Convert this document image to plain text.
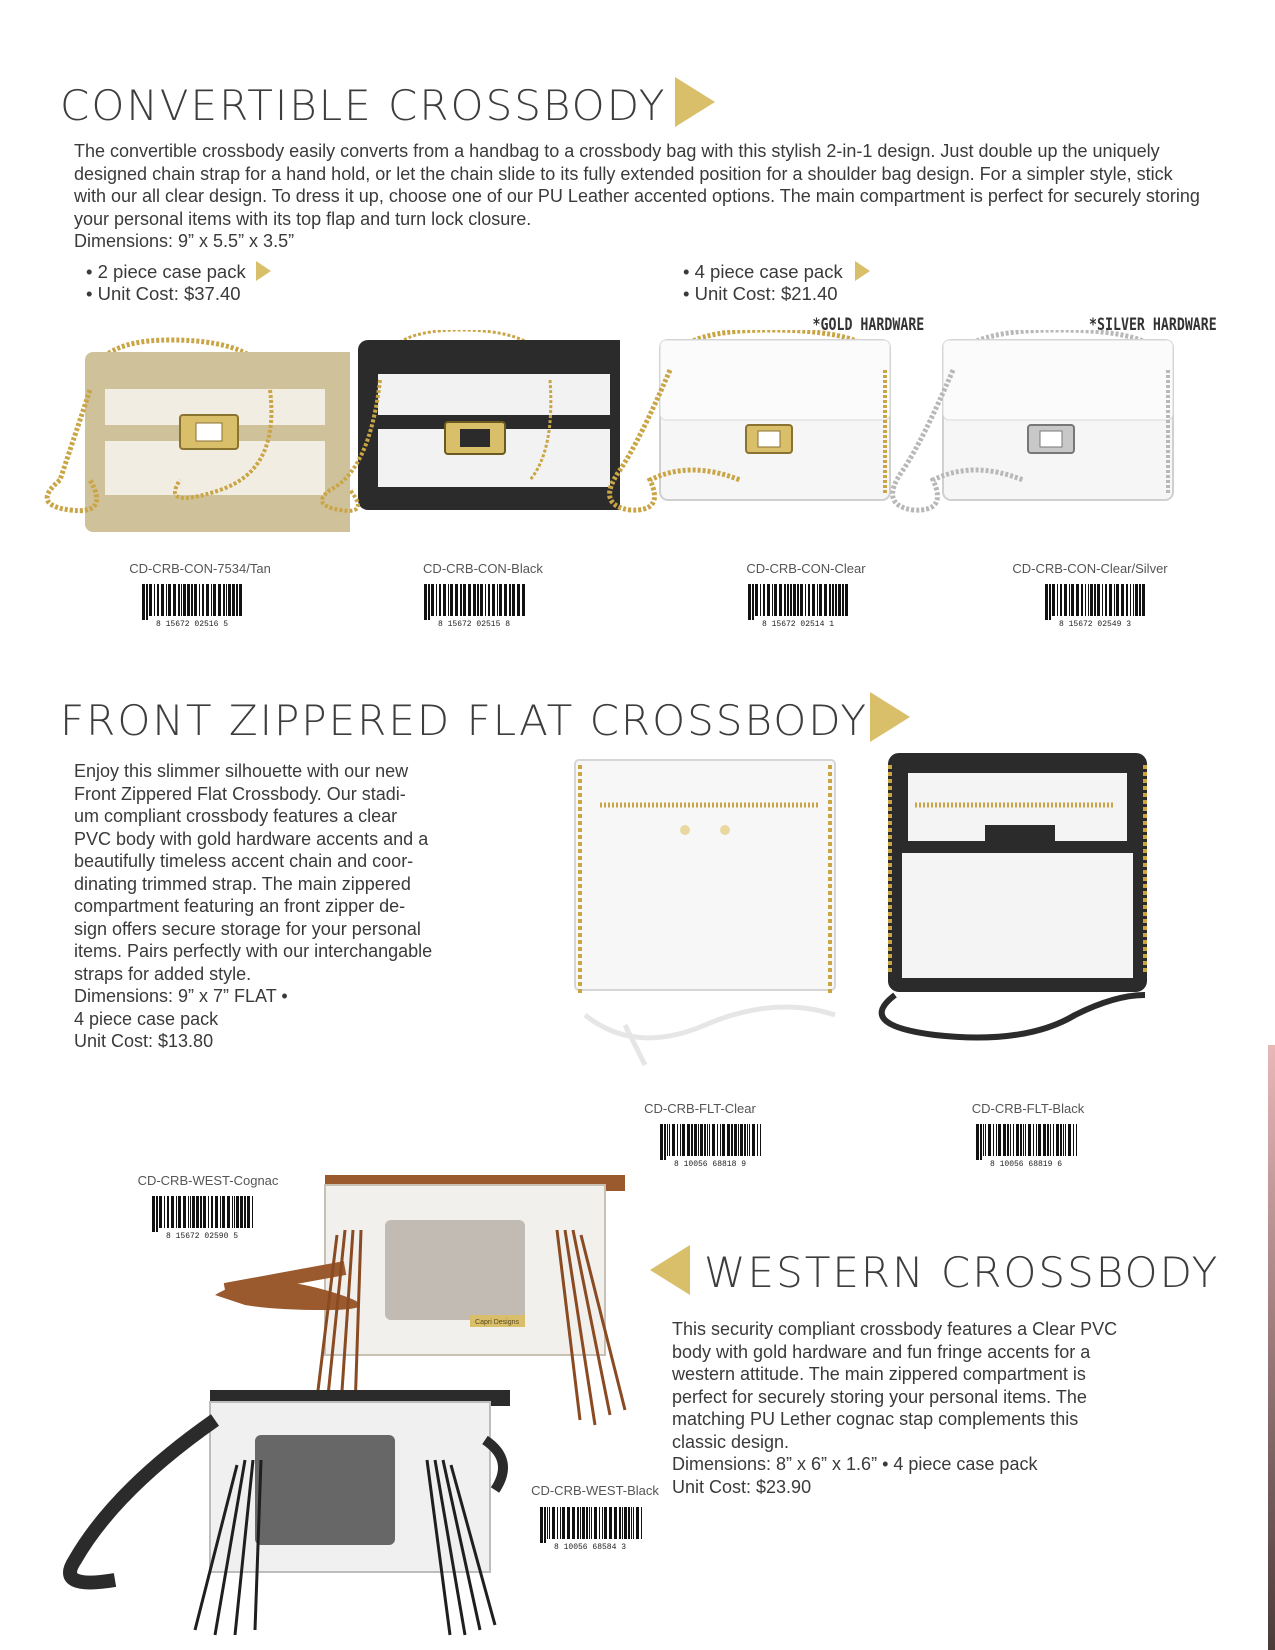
CONVERTIBLE CROSSBODY

The convertible crossbody easily converts from a handbag to a crossbody bag with this stylish 2-in-1 design. Just double up the uniquely designed chain strap for a hand hold, or let the chain slide to its fully extended position for a shoulder bag design. For a simpler style, stick with our all clear design. To dress it up, choose one of our PU Leather accented options. The main compartment is perfect for securely storing your personal items with its top flap and turn lock closure.

Dimensions: 9” x 5.5” x 3.5”

• 2 piece case pack
• Unit Cost: $37.40
• 4 piece case pack
• Unit Cost: $21.40
*GOLD HARDWARE	*SILVER HARDWARE
CD-CRB-CON-7534/Tan
8 15672 02516 5
CD-CRB-CON-Black
8 15672 02515 8
CD-CRB-CON-Clear
8 15672 02514 1
CD-CRB-CON-Clear/Silver
8 15672 02549 3
FRONT ZIPPERED FLAT CROSSBODY
Enjoy this slimmer silhouette with our new
Front Zippered Flat Crossbody. Our stadi-
um compliant crossbody features a clear
PVC body with gold hardware accents and a
beautifully timeless accent chain and coor-
dinating trimmed strap. The main zippered
compartment featuring an front zipper de-
sign offers secure storage for your personal
items. Pairs perfectly with our interchangable
straps for added style.
Dimensions: 9” x 7” FLAT •
4 piece case pack
Unit Cost: $13.80
CD-CRB-FLT-Clear
8 10056 68818 9
CD-CRB-FLT-Black
8 10056 68819 6
CD-CRB-WEST-Cognac
8 15672 02590 5
WESTERN CROSSBODY
This security compliant crossbody features a Clear PVC
body with gold hardware and fun fringe accents for a
western attitude. The main zippered compartment is
perfect for securely storing your personal items. The
matching PU Lether cognac stap complements this
classic design.
Dimensions: 8” x 6” x 1.6” • 4 piece case pack
Unit Cost: $23.90
Capri Designs
CD-CRB-WEST-Black
8 10056 68584 3
